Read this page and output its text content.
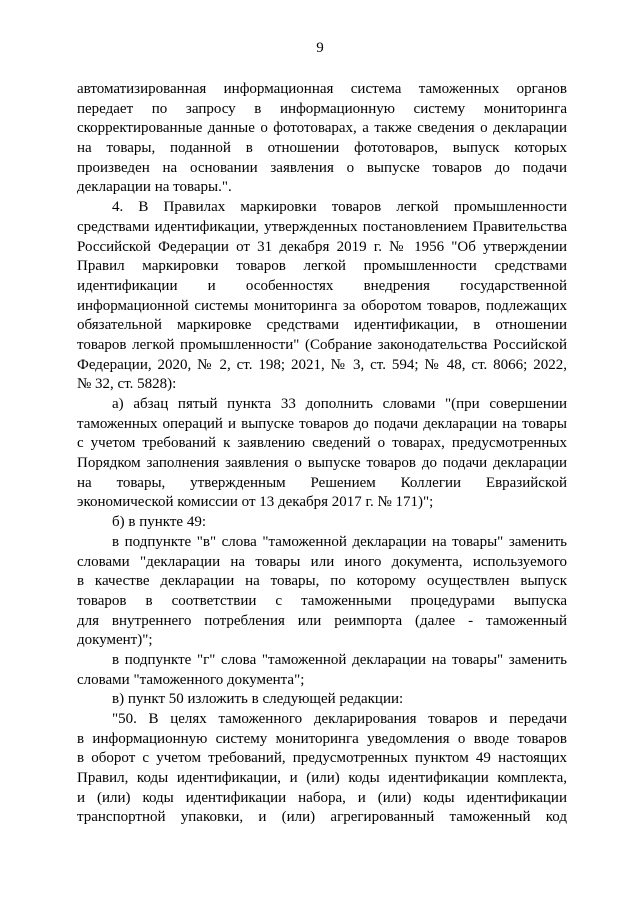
9
автоматизированная информационная система таможенных органов
передает по запросу в информационную систему мониторинга
скорректированные данные о фототоварах, а также сведения о декларации
на товары, поданной в отношении фототоваров, выпуск которых
произведен на основании заявления о выпуске товаров до подачи
декларации на товары.".
4. В Правилах маркировки товаров легкой промышленности
средствами идентификации, утвержденных постановлением Правительства
Российской Федерации от 31 декабря 2019 г. № 1956 "Об утверждении
Правил маркировки товаров легкой промышленности средствами
идентификации и особенностях внедрения государственной
информационной системы мониторинга за оборотом товаров, подлежащих
обязательной маркировке средствами идентификации, в отношении
товаров легкой промышленности" (Собрание законодательства Российской
Федерации, 2020, № 2, ст. 198; 2021, № 3, ст. 594; № 48, ст. 8066; 2022,
№ 32, ст. 5828):
а) абзац пятый пункта 33 дополнить словами "(при совершении
таможенных операций и выпуске товаров до подачи декларации на товары
с учетом требований к заявлению сведений о товарах, предусмотренных
Порядком заполнения заявления о выпуске товаров до подачи декларации
на товары, утвержденным Решением Коллегии Евразийской
экономической комиссии от 13 декабря 2017 г. № 171)";
б) в пункте 49:
в подпункте "в" слова "таможенной декларации на товары" заменить
словами "декларации на товары или иного документа, используемого
в качестве декларации на товары, по которому осуществлен выпуск
товаров в соответствии с таможенными процедурами выпуска
для внутреннего потребления или реимпорта (далее - таможенный
документ)";
в подпункте "г" слова "таможенной декларации на товары" заменить
словами "таможенного документа";
в) пункт 50 изложить в следующей редакции:
"50. В целях таможенного декларирования товаров и передачи
в информационную систему мониторинга уведомления о вводе товаров
в оборот с учетом требований, предусмотренных пунктом 49 настоящих
Правил, коды идентификации, и (или) коды идентификации комплекта,
и (или) коды идентификации набора, и (или) коды идентификации
транспортной упаковки, и (или) агрегированный таможенный код
